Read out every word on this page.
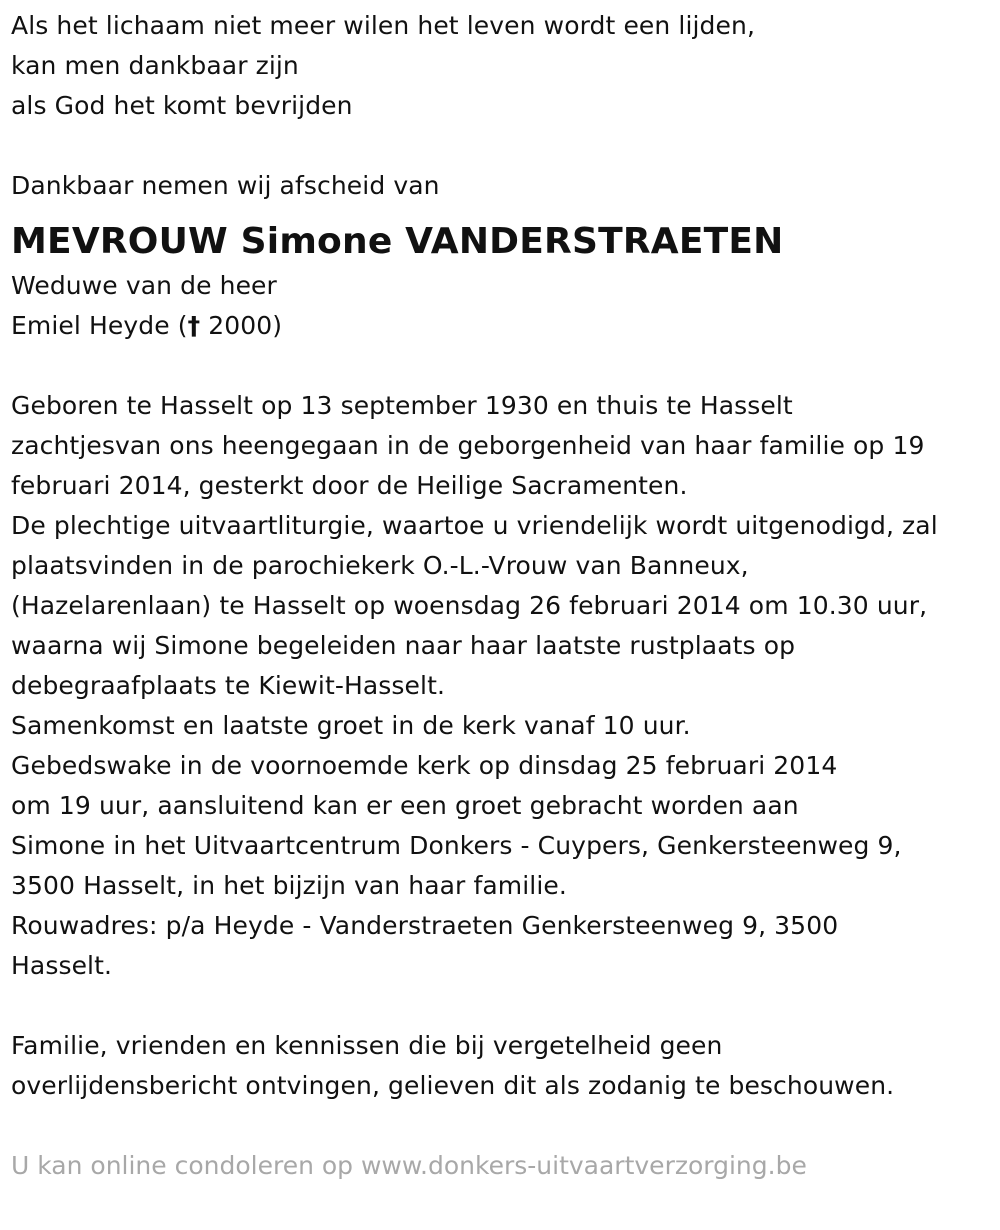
Als het lichaam niet meer wilen het leven wordt een lijden,
kan men dankbaar zijn
als God het komt bevrijden
Dankbaar nemen wij afscheid van
MEVROUW Simone VANDERSTRAETEN
Weduwe van de heer
Emiel Heyde († 2000)
Geboren te Hasselt op 13 september 1930 en thuis te Hasselt
zachtjesvan ons heengegaan in de geborgenheid van haar familie op 19
februari 2014, gesterkt door de Heilige Sacramenten.
De plechtige uitvaartliturgie, waartoe u vriendelijk wordt uitgenodigd, zal
plaatsvinden in de parochiekerk O.-L.-Vrouw van Banneux,
(Hazelarenlaan) te Hasselt op woensdag 26 februari 2014 om 10.30 uur,
waarna wij Simone begeleiden naar haar laatste rustplaats op
debegraafplaats te Kiewit-Hasselt.
Samenkomst en laatste groet in de kerk vanaf 10 uur.
Gebedswake in de voornoemde kerk op dinsdag 25 februari 2014
om 19 uur, aansluitend kan er een groet gebracht worden aan
Simone in het Uitvaartcentrum Donkers - Cuypers, Genkersteenweg 9,
3500 Hasselt, in het bijzijn van haar familie.
Rouwadres: p/a Heyde - Vanderstraeten Genkersteenweg 9, 3500
Hasselt.
Familie, vrienden en kennissen die bij vergetelheid geen
overlijdensbericht ontvingen, gelieven dit als zodanig te beschouwen.
U kan online condoleren op www.donkers-uitvaartverzorging.be
